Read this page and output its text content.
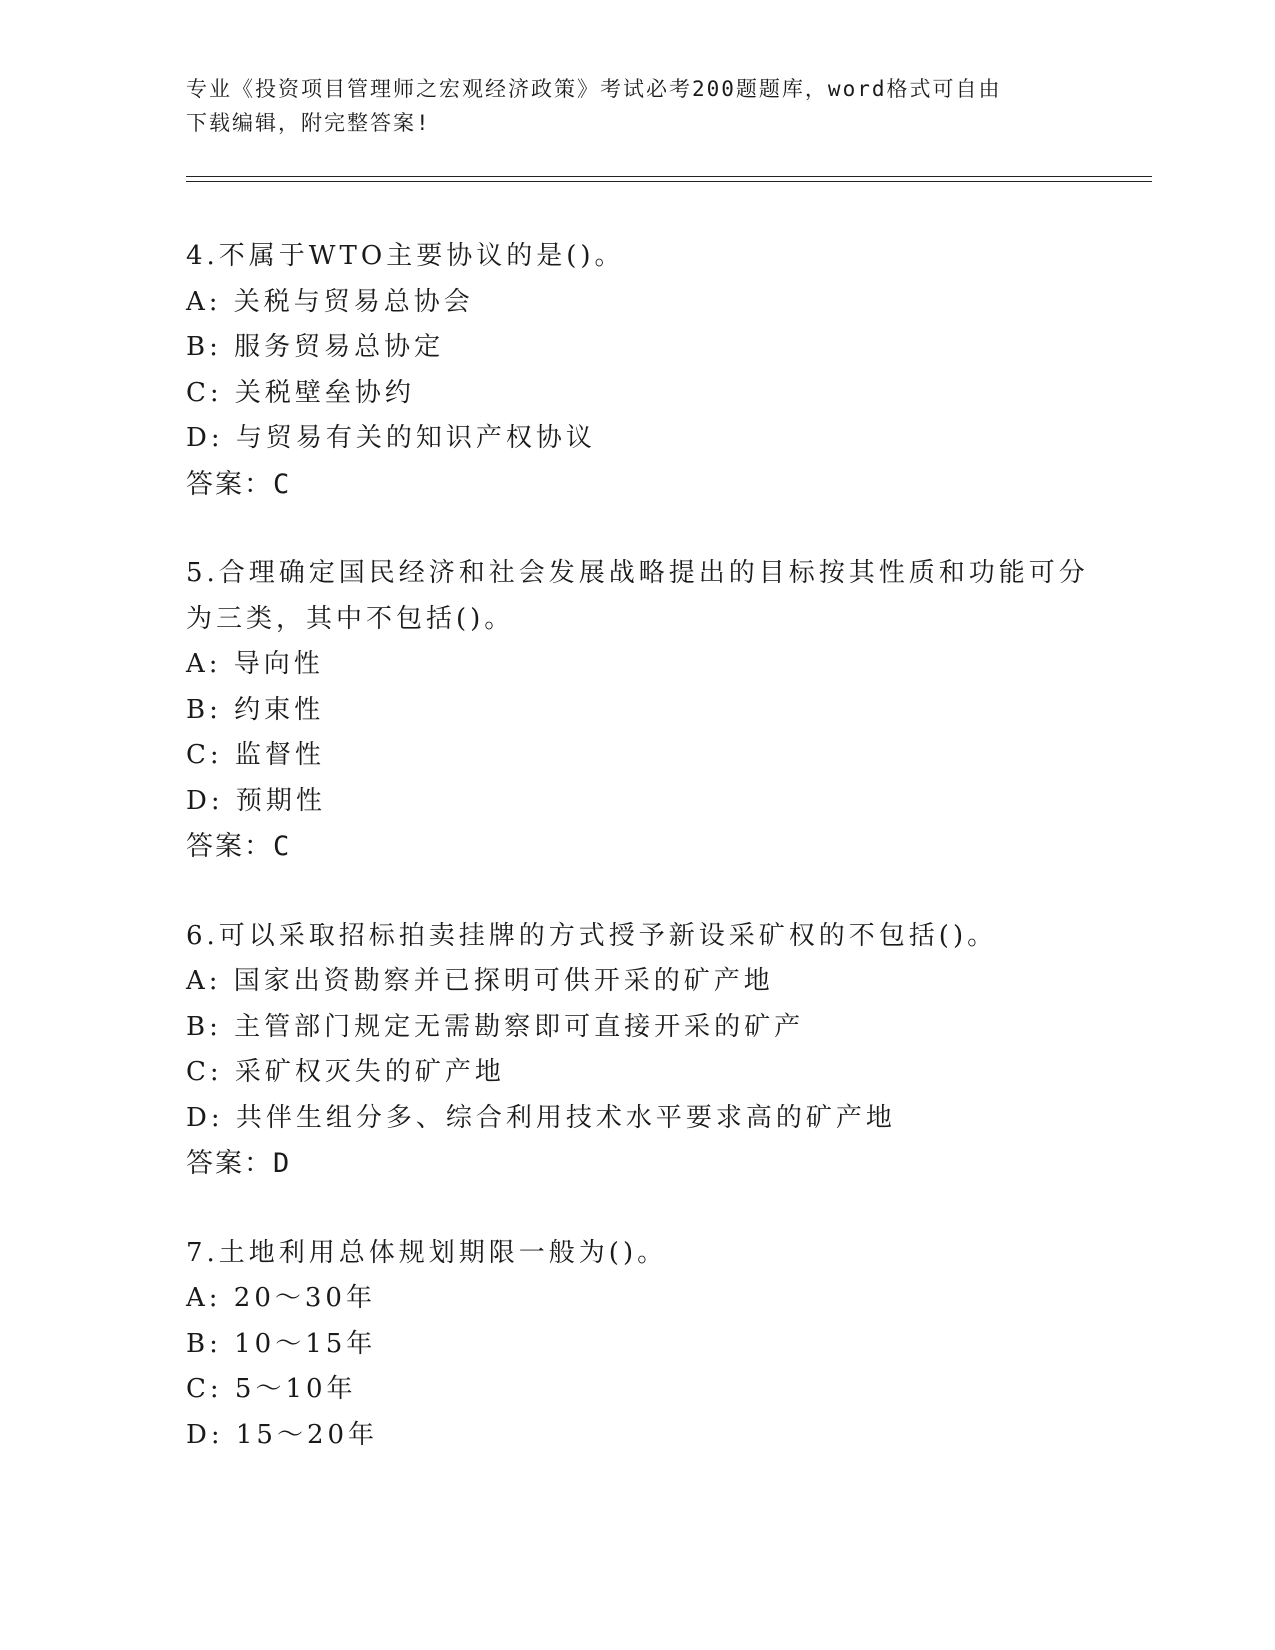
专业《投资项目管理师之宏观经济政策》考试必考200题题库，word格式可自由
下载编辑，附完整答案!
4.不属于WTO主要协议的是()。
A: 关税与贸易总协会
B: 服务贸易总协定
C: 关税壁垒协约
D: 与贸易有关的知识产权协议
答案：C
5.合理确定国民经济和社会发展战略提出的目标按其性质和功能可分
为三类，其中不包括()。
A: 导向性
B: 约束性
C: 监督性
D: 预期性
答案：C
6.可以采取招标拍卖挂牌的方式授予新设采矿权的不包括()。
A: 国家出资勘察并已探明可供开采的矿产地
B: 主管部门规定无需勘察即可直接开采的矿产
C: 采矿权灭失的矿产地
D: 共伴生组分多、综合利用技术水平要求高的矿产地
答案：D
7.土地利用总体规划期限一般为()。
A: 20～30年
B: 10～15年
C: 5～10年
D: 15～20年
